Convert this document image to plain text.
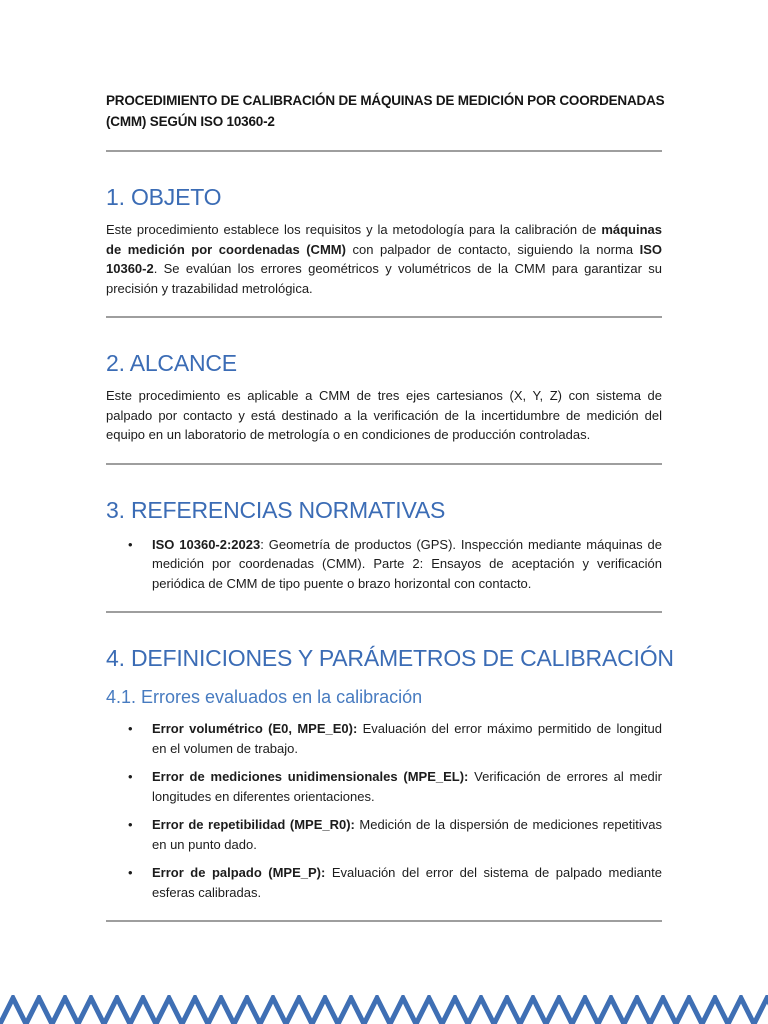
PROCEDIMIENTO DE CALIBRACIÓN DE MÁQUINAS DE MEDICIÓN POR COORDENADAS
(CMM) SEGÚN ISO 10360-2
1. OBJETO

Este procedimiento establece los requisitos y la metodología para la calibración de máquinas de medición por coordenadas (CMM) con palpador de contacto, siguiendo la norma ISO 10360-2. Se evalúan los errores geométricos y volumétricos de la CMM para garantizar su precisión y trazabilidad metrológica.

2. ALCANCE

Este procedimiento es aplicable a CMM de tres ejes cartesianos (X, Y, Z) con sistema de palpado por contacto y está destinado a la verificación de la incertidumbre de medición del equipo en un laboratorio de metrología o en condiciones de producción controladas.

3. REFERENCIAS NORMATIVAS
•	ISO 10360-2:2023: Geometría de productos (GPS). Inspección mediante máquinas de medición por coordenadas (CMM). Parte 2: Ensayos de aceptación y verificación periódica de CMM de tipo puente o brazo horizontal con contacto.
4. DEFINICIONES Y PARÁMETROS DE CALIBRACIÓN
4.1. Errores evaluados en la calibración
•	Error volumétrico (E0, MPE_E0): Evaluación del error máximo permitido de longitud en el volumen de trabajo.
•	Error de mediciones unidimensionales (MPE_EL): Verificación de errores al medir longitudes en diferentes orientaciones.
•	Error de repetibilidad (MPE_R0): Medición de la dispersión de mediciones repetitivas en un punto dado.
•	Error de palpado (MPE_P): Evaluación del error del sistema de palpado mediante esferas calibradas.
